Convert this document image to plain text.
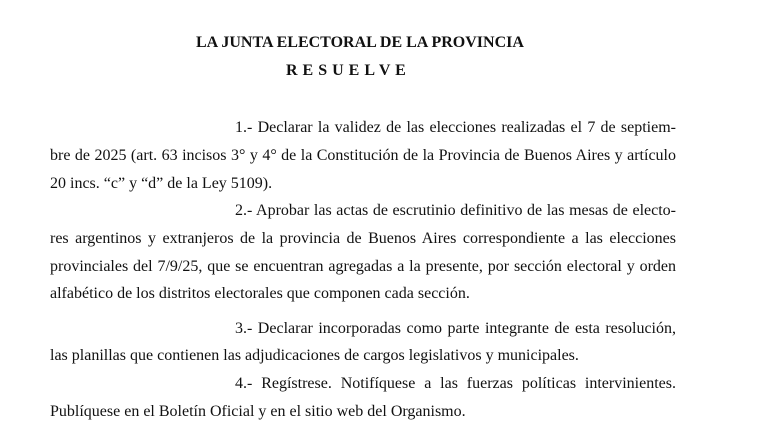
LA JUNTA ELECTORAL DE LA PROVINCIA
R E S U E L V E
1.- Declarar la validez de las elecciones realizadas el 7 de septiem-
bre de 2025 (art. 63 incisos 3° y 4° de la Constitución de la Provincia de Buenos Aires y artículo
20 incs. “c” y “d” de la Ley 5109).
2.- Aprobar las actas de escrutinio definitivo de las mesas de electo-
res argentinos y extranjeros de la provincia de Buenos Aires correspondiente a las elecciones
provinciales del 7/9/25, que se encuentran agregadas a la presente, por sección electoral y orden
alfabético de los distritos electorales que componen cada sección.
3.- Declarar incorporadas como parte integrante de esta resolución,
las planillas que contienen las adjudicaciones de cargos legislativos y municipales.
4.- Regístrese. Notifíquese a las fuerzas políticas intervinientes.
Publíquese en el Boletín Oficial y en el sitio web del Organismo.
